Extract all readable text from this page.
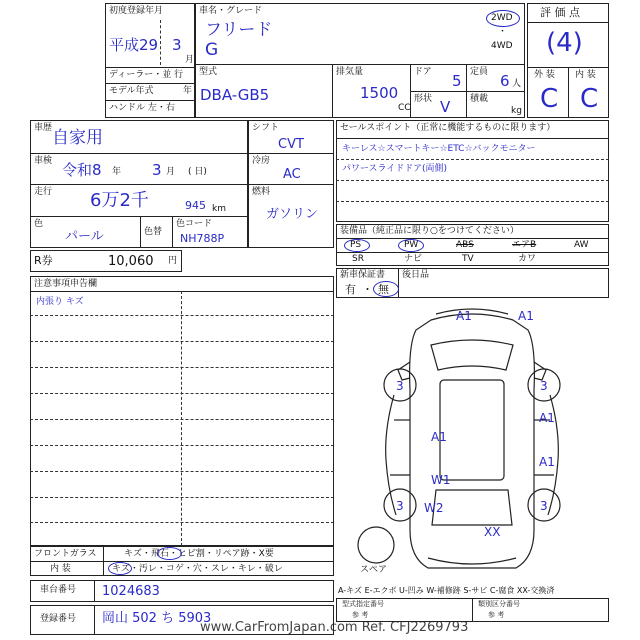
初度登録年月
平成29 3
月
ディーラー・並 行
モデル年式	年
ハンドル 左・右
車名・グレード
フリード
G
2WD
・
4WD
型式
DBA-GB5
排気量
1500
CC
ドア 5 定員 6 人
形状 V 積載
kg
評 価 点
(4)
外 装 内 装
C C
車歴 自家用
車検 令和8 年 3 月 ( 日)
走行 6万2千	945 km
色
パール	色替
色コード
NH788P
シフト
CVT
冷房
AC
燃料
ガソリン
セールスポイント（正常に機能するものに限ります）
キーレス☆スマートキー☆ETC☆バックモニター
パワースライドドア(両側)
装備品（純正品に限り○をつけてください）
PS	PW	ABS	エアB	AW
SR	ナビ	TV	カワ
新車保証書
有 ・ 無
後日品
R券	10,060 円
注意事項申告欄
内張り キズ
A1	A1
3	3
A1
A1
A1
W1
3 W2	3
XX
スペア
フロントガラス	キズ・飛石・ヒビ割・リペア跡・X要
内 装	キズ・汚レ・コゲ・穴・スレ・キレ・破レ
A-キズ E-エクボ U-凹み W-補修跡 S-サビ C-腐食 XX-交換済
車台番号 1024683
登録番号 岡山 502 ち 5903
型式指定番号
参 考
類別区分番号
参 考
www.CarFromJapan.com Ref. CFJ2269793
